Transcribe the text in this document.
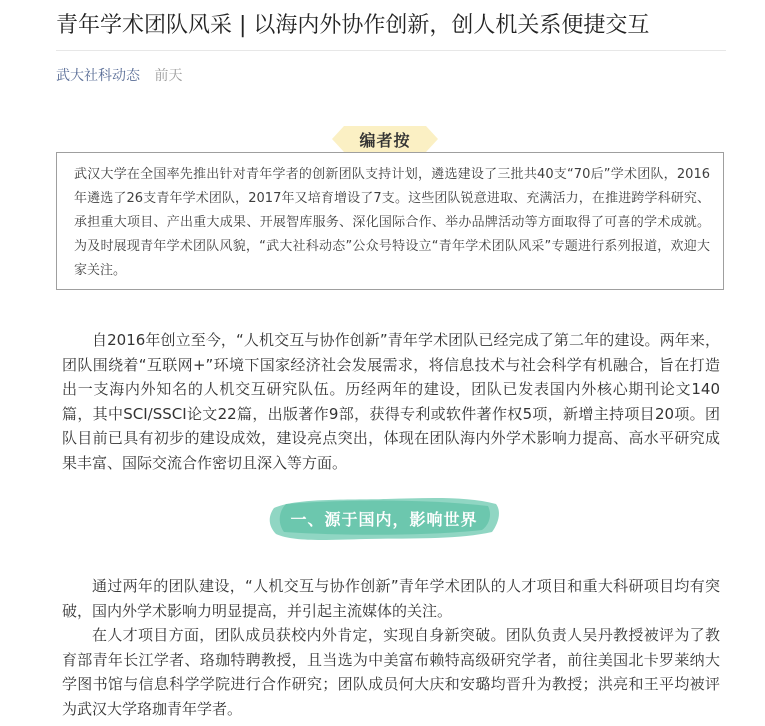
青年学术团队风采 | 以海内外协作创新，创人机关系便捷交互
武大社科动态 前天

武汉大学在全国率先推出针对青年学者的创新团队支持计划，遴选建设了三批共40支“70后”学术团队，2016年遴选了26支青年学术团队，2017年又培育增设了7支。这些团队锐意进取、充满活力，在推进跨学科研究、承担重大项目、产出重大成果、开展智库服务、深化国际合作、举办品牌活动等方面取得了可喜的学术成就。为及时展现青年学术团队风貌，“武大社科动态”公众号特设立“青年学术团队风采”专题进行系列报道，欢迎大家关注。

编者按

自2016年创立至今，“人机交互与协作创新”青年学术团队已经完成了第二年的建设。两年来，团队围绕着“互联网+”环境下国家经济社会发展需求，将信息技术与社会科学有机融合，旨在打造出一支海内外知名的人机交互研究队伍。历经两年的建设，团队已发表国内外核心期刊论文140篇，其中SCI/SSCI论文22篇，出版著作9部，获得专利或软件著作权5项，新增主持项目20项。团队目前已具有初步的建设成效，建设亮点突出，体现在团队海内外学术影响力提高、高水平研究成果丰富、国际交流合作密切且深入等方面。

一、源于国内，影响世界

通过两年的团队建设，“人机交互与协作创新”青年学术团队的人才项目和重大科研项目均有突破，国内外学术影响力明显提高，并引起主流媒体的关注。

在人才项目方面，团队成员获校内外肯定，实现自身新突破。团队负责人吴丹教授被评为了教育部青年长江学者、珞珈特聘教授，且当选为中美富布赖特高级研究学者，前往美国北卡罗莱纳大学图书馆与信息科学学院进行合作研究；团队成员何大庆和安璐均晋升为教授；洪亮和王平均被评为武汉大学珞珈青年学者。
